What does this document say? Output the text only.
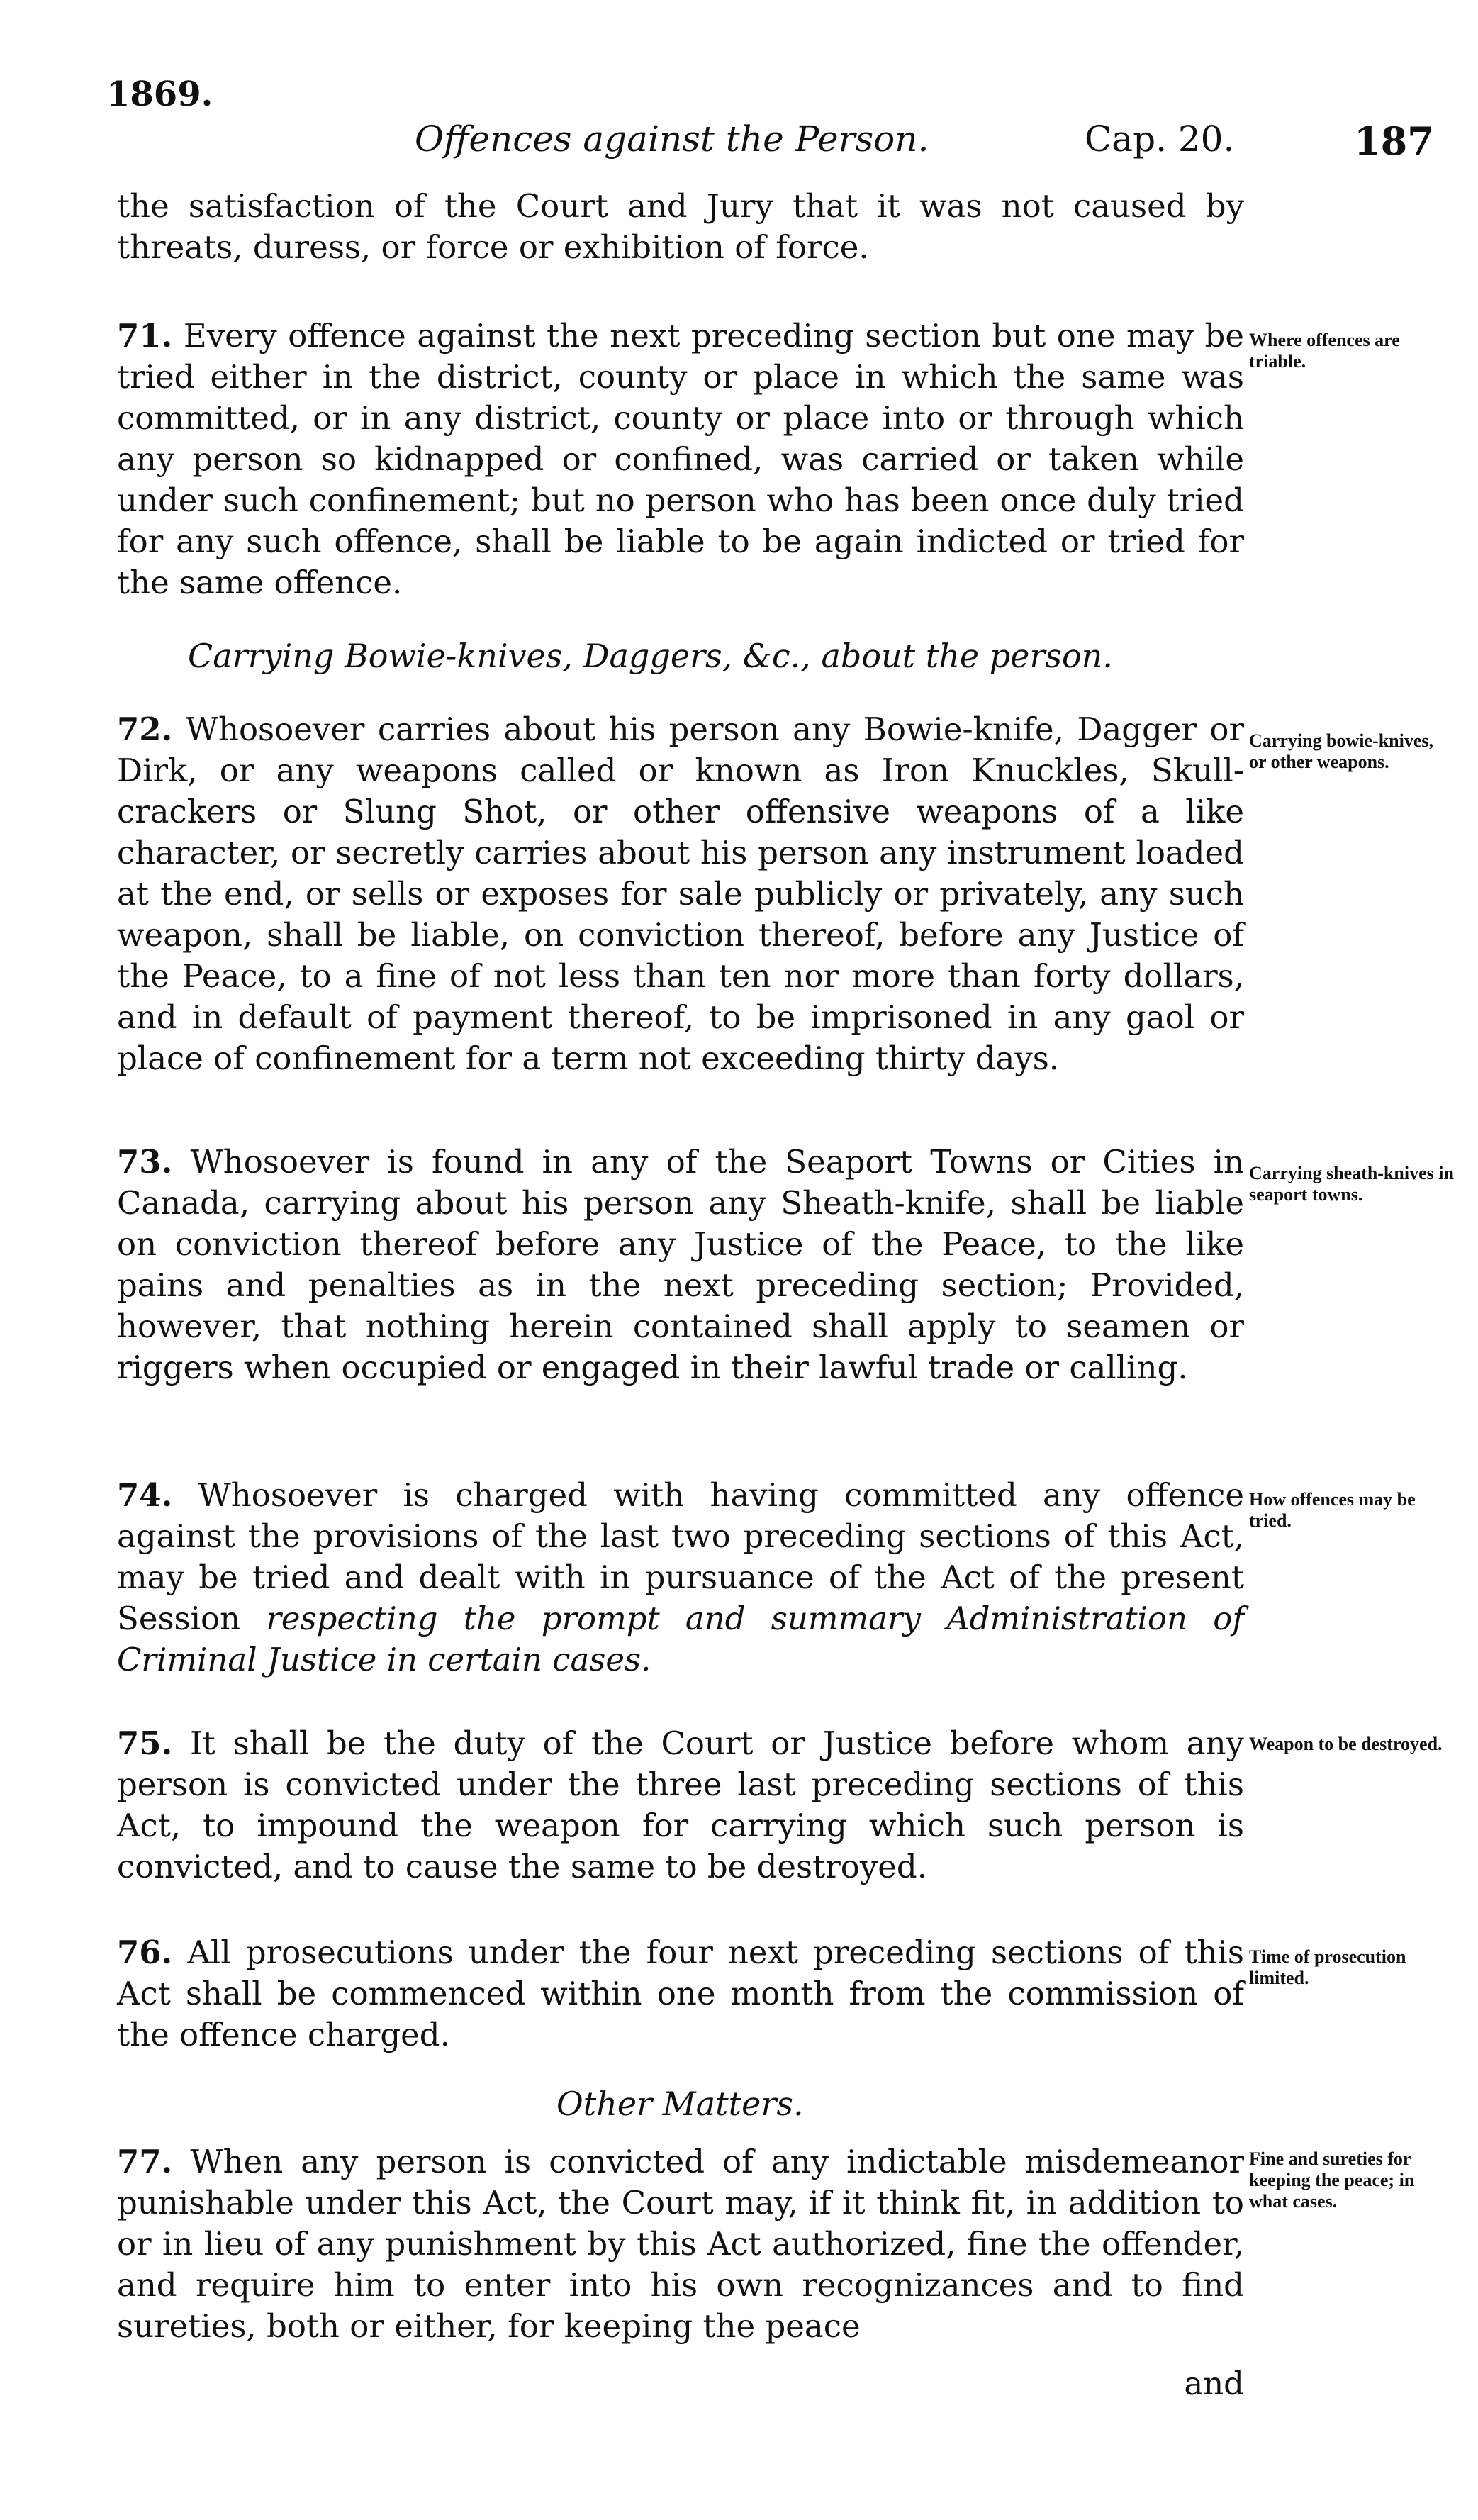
1869.
Offences against the Person.	Cap. 20.	187
the satisfaction of the Court and Jury that it was not caused by threats, duress, or force or exhibition of force.
71. Every offence against the next preceding section but one may be tried either in the district, county or place in which the same was committed, or in any district, county or place into or through which any person so kidnapped or confined, was carried or taken while under such confinement; but no person who has been once duly tried for any such offence, shall be liable to be again indicted or tried for the same offence.
Where offences are triable.
Carrying Bowie-knives, Daggers, &c., about the person.
72. Whosoever carries about his person any Bowie-knife, Dagger or Dirk, or any weapons called or known as Iron Knuckles, Skull-crackers or Slung Shot, or other offensive weapons of a like character, or secretly carries about his person any instrument loaded at the end, or sells or exposes for sale publicly or privately, any such weapon, shall be liable, on conviction thereof, before any Justice of the Peace, to a fine of not less than ten nor more than forty dollars, and in default of payment thereof, to be imprisoned in any gaol or place of confinement for a term not exceeding thirty days.
Carrying bowie-knives, or other weapons.
73. Whosoever is found in any of the Seaport Towns or Cities in Canada, carrying about his person any Sheath-knife, shall be liable on conviction thereof before any Justice of the Peace, to the like pains and penalties as in the next preceding section; Provided, however, that nothing herein contained shall apply to seamen or riggers when occupied or engaged in their lawful trade or calling.
Carrying sheath-knives in seaport towns.
74. Whosoever is charged with having committed any offence against the provisions of the last two preceding sections of this Act, may be tried and dealt with in pursuance of the Act of the present Session respecting the prompt and summary Administration of Criminal Justice in certain cases.
How offences may be tried.
75. It shall be the duty of the Court or Justice before whom any person is convicted under the three last preceding sections of this Act, to impound the weapon for carrying which such person is convicted, and to cause the same to be destroyed.
Weapon to be destroyed.
76. All prosecutions under the four next preceding sections of this Act shall be commenced within one month from the commission of the offence charged.
Time of prosecution limited.
Other Matters.
77. When any person is convicted of any indictable misdemeanor punishable under this Act, the Court may, if it think fit, in addition to or in lieu of any punishment by this Act authorized, fine the offender, and require him to enter into his own recognizances and to find sureties, both or either, for keeping the peace
Fine and sureties for keeping the peace; in what cases.
and
